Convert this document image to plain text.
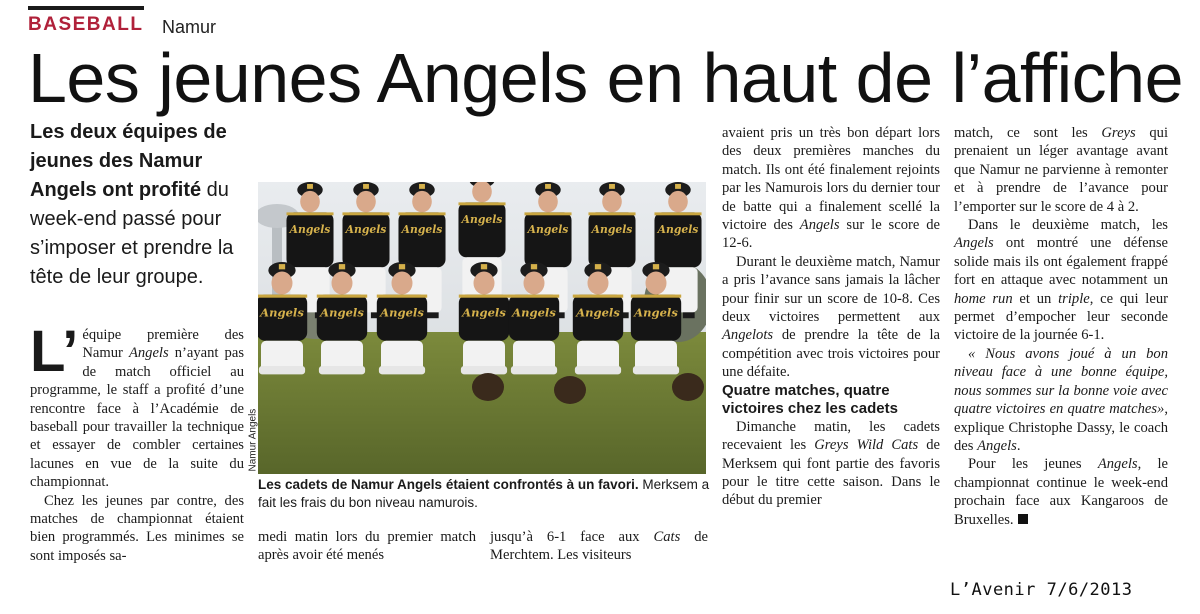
BASEBALL Namur
Les jeunes Angels en haut de l’affiche
Les deux équipes de jeunes des Namur Angels ont profité du week-end passé pour s’imposer et prendre la tête de leur groupe.

L’ équipe première des Namur Angels n’ayant pas de match officiel au programme, le staff a profité d’une rencontre face à l’Académie de baseball pour travailler la technique et essayer de combler certaines lacunes en vue de la suite du championnat.

Chez les jeunes par contre, des matches de championnat étaient bien programmés. Les minimes se sont imposés sa-

Angels Angels Angels
Angels
Angels Angels Angels
Angels Angels Angels	Angels Angels Angels Angels
Namur Angels
Les cadets de Namur Angels étaient confrontés à un favori. Merksem a fait les frais du bon niveau namurois.

medi matin lors du premier match après avoir été menés

jusqu’à 6-1 face aux Cats de Merchtem. Les visiteurs

avaient pris un très bon départ lors des deux premières manches du match. Ils ont été finalement rejoints par les Namurois lors du dernier tour de batte qui a finalement scellé la victoire des Angels sur le score de 12-6.

Durant le deuxième match, Namur a pris l’avance sans jamais la lâcher pour finir sur un score de 10-8. Ces deux victoires permettent aux Angelots de prendre la tête de la compétition avec trois victoires pour une défaite.

Quatre matches, quatre victoires chez les cadets

Dimanche matin, les cadets recevaient les Greys Wild Cats de Merksem qui font partie des favoris pour le titre cette saison. Dans le début du premier

match, ce sont les Greys qui prenaient un léger avantage avant que Namur ne parvienne à remonter et à prendre de l’avance pour l’emporter sur le score de 4 à 2.

Dans le deuxième match, les Angels ont montré une défense solide mais ils ont également frappé fort en attaque avec notamment un home run et un triple, ce qui leur permet d’empocher leur seconde victoire de la journée 6-1.

« Nous avons joué à un bon niveau face à une bonne équipe, nous sommes sur la bonne voie avec quatre victoires en quatre matches», explique Christophe Dassy, le coach des Angels.

Pour les jeunes Angels, le championnat continue le week-end prochain face aux Kangaroos de Bruxelles.

L’Avenir 7/6/2013
